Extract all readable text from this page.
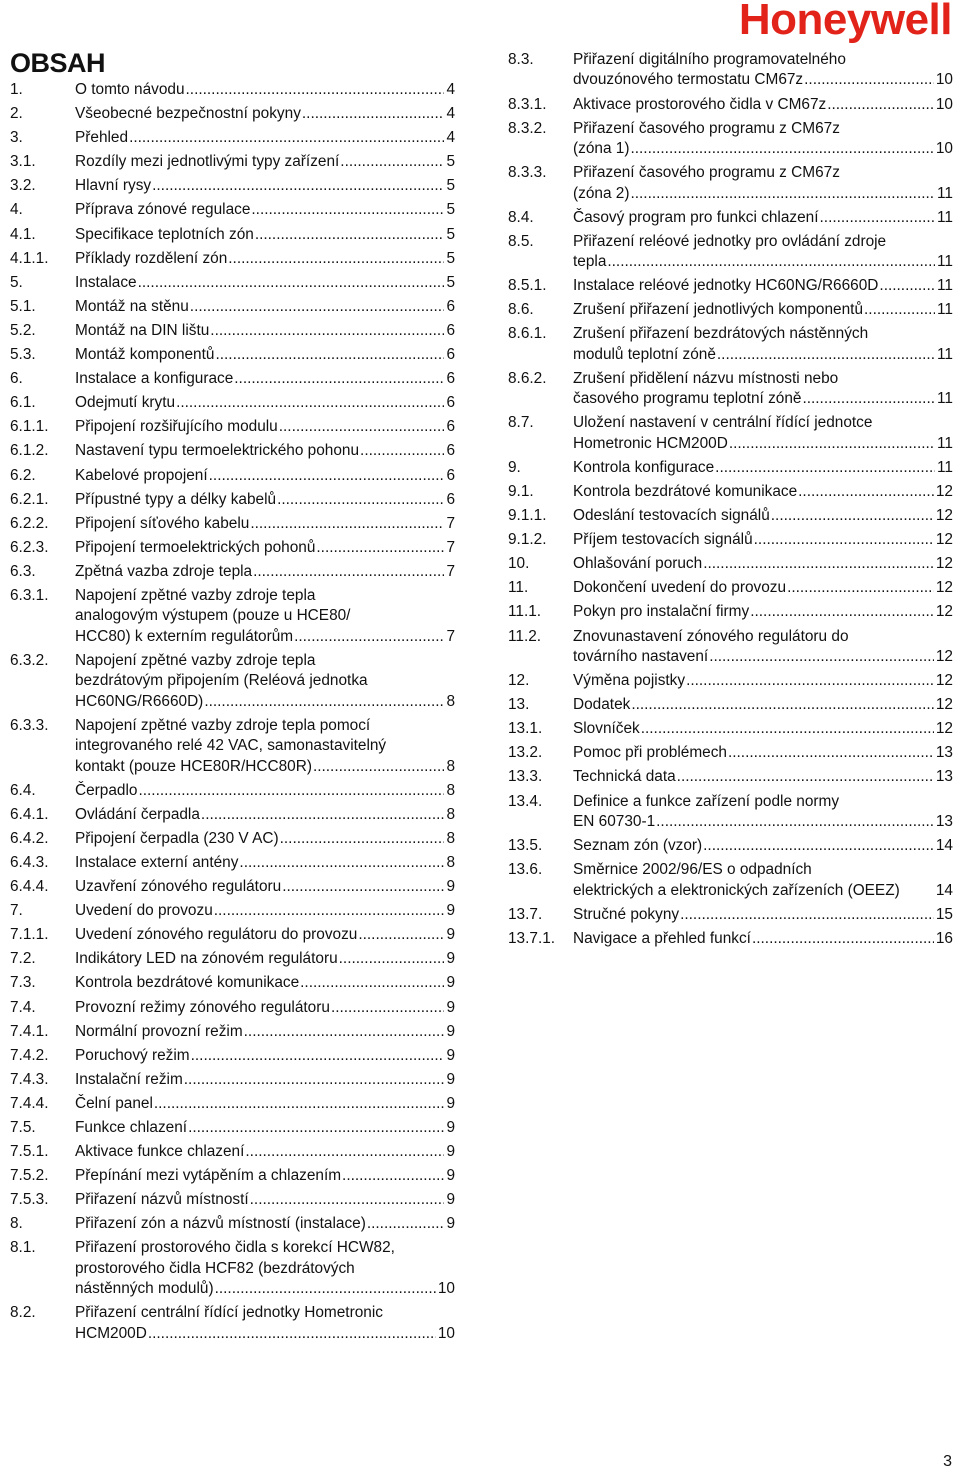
Honeywell
OBSAH
1.	O tomto návodu .....	4
2.	Všeobecné bezpečnostní pokyny .....	4
3.	Přehled .....	4
3.1.	Rozdíly mezi jednotlivými typy zařízení .....	5
3.2.	Hlavní rysy .....	5
4.	Příprava zónové regulace .....	5
4.1.	Specifikace teplotních zón .....	5
4.1.1.	Příklady rozdělení zón .....	5
5.	Instalace .....	5
5.1.	Montáž na stěnu .....	6
5.2.	Montáž na DIN lištu .....	6
5.3.	Montáž komponentů .....	6
6.	Instalace a konfigurace .....	6
6.1.	Odejmutí krytu .....	6
6.1.1.	Připojení rozšiřujícího modulu .....	6
6.1.2.	Nastavení typu termoelektrického pohonu .....	6
6.2.	Kabelové propojení .....	6
6.2.1.	Přípustné typy a délky kabelů .....	6
6.2.2.	Připojení síťového kabelu .....	7
6.2.3.	Připojení termoelektrických pohonů .....	7
6.3.	Zpětná vazba zdroje tepla .....	7
6.3.1.	Napojení zpětné vazby zdroje tepla
analogovým výstupem (pouze u HCE80/
HCC80) k externím regulátorům .....	7
6.3.2.	Napojení zpětné vazby zdroje tepla
bezdrátovým připojením (Reléová jednotka
HC60NG/R6660D) .....	8
6.3.3.	Napojení zpětné vazby zdroje tepla pomocí
integrovaného relé 42 VAC, samonastavitelný
kontakt (pouze HCE80R/HCC80R) .....	8
6.4.	Čerpadlo .....	8
6.4.1.	Ovládání čerpadla .....	8
6.4.2.	Připojení čerpadla (230 V AC) .....	8
6.4.3.	Instalace externí antény .....	8
6.4.4.	Uzavření zónového regulátoru .....	9
7.	Uvedení do provozu .....	9
7.1.1.	Uvedení zónového regulátoru do provozu .....	9
7.2.	Indikátory LED na zónovém regulátoru .....	9
7.3.	Kontrola bezdrátové komunikace .....	9
7.4.	Provozní režimy zónového regulátoru .....	9
7.4.1.	Normální provozní režim .....	9
7.4.2.	Poruchový režim .....	9
7.4.3.	Instalační režim .....	9
7.4.4.	Čelní panel .....	9
7.5.	Funkce chlazení .....	9
7.5.1.	Aktivace funkce chlazení .....	9
7.5.2.	Přepínání mezi vytápěním a chlazením .....	9
7.5.3.	Přiřazení názvů místností .....	9
8.	Přiřazení zón a názvů místností (instalace) .....	9
8.1.	Přiřazení prostorového čidla s korekcí HCW82,
prostorového čidla HCF82 (bezdrátových
nástěnných modulů) .....	10
8.2.	Přiřazení centrální řídící jednotky Hometronic
HCM200D .....	10
8.3.	Přiřazení digitálního programovatelného
dvouzónového termostatu CM67z .....	10
8.3.1.	Aktivace prostorového čidla v CM67z .....	10
8.3.2.	Přiřazení časového programu z CM67z
(zóna 1) .....	10
8.3.3.	Přiřazení časového programu z CM67z
(zóna 2) .....	11
8.4.	Časový program pro funkci chlazení .....	11
8.5.	Přiřazení reléové jednotky pro ovládání zdroje
tepla .....	11
8.5.1.	Instalace reléové jednotky HC60NG/R6660D .....	11
8.6.	Zrušení přiřazení jednotlivých komponentů .....	11
8.6.1.	Zrušení přiřazení bezdrátových nástěnných
modulů teplotní zóně .....	11
8.6.2.	Zrušení přidělení názvu místnosti nebo
časového programu teplotní zóně .....	11
8.7.	Uložení nastavení v centrální řídící jednotce
Hometronic HCM200D .....	11
9.	Kontrola konfigurace .....	11
9.1.	Kontrola bezdrátové komunikace .....	12
9.1.1.	Odeslání testovacích signálů .....	12
9.1.2.	Příjem testovacích signálů .....	12
10.	Ohlašování poruch .....	12
11.	Dokončení uvedení do provozu .....	12
11.1.	Pokyn pro instalační firmy .....	12
11.2.	Znovunastavení zónového regulátoru do
továrního nastavení .....	12
12.	Výměna pojistky .....	12
13.	Dodatek .....	12
13.1.	Slovníček .....	12
13.2.	Pomoc při problémech .....	13
13.3.	Technická data .....	13
13.4.	Definice a funkce zařízení podle normy
EN 60730-1 .....	13
13.5.	Seznam zón (vzor) .....	14
13.6.	Směrnice 2002/96/ES o odpadních
elektrických a elektronických zařízeních (OEEZ) 14
13.7.	Stručné pokyny .....	15
13.7.1.	Navigace a přehled funkcí .....	16
3
